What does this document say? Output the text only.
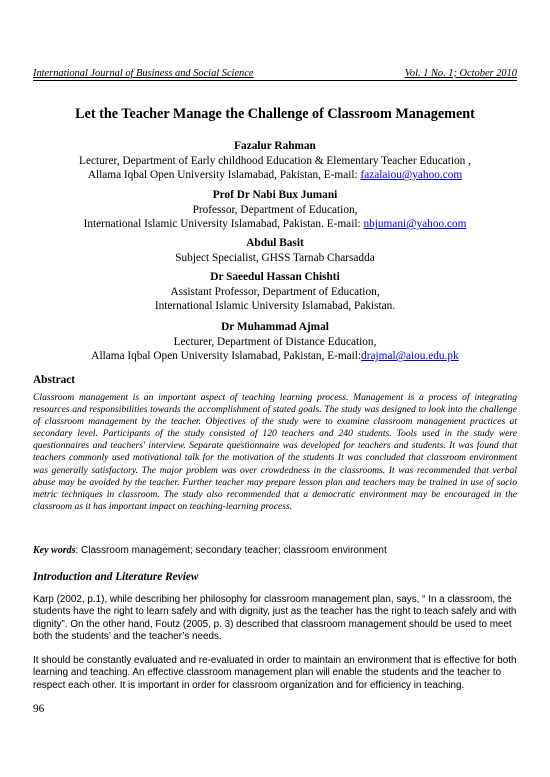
International Journal of Business and Social Science	Vol. 1 No. 1; October 2010
Let the Teacher Manage the Challenge of Classroom Management
Fazalur Rahman
Lecturer, Department of Early childhood Education & Elementary Teacher Education ,
Allama Iqbal Open University Islamabad, Pakistan, E-mail: fazalaiou@yahoo.com
Prof Dr Nabi Bux Jumani
Professor, Department of Education,
International Islamic University Islamabad, Pakistan. E-mail: nbjumani@yahoo.com
Abdul Basit
Subject Specialist, GHSS Tarnab Charsadda
Dr Saeedul Hassan Chishti
Assistant Professor, Department of Education,
International Islamic University Islamabad, Pakistan.
Dr Muhammad Ajmal
Lecturer, Department of Distance Education,
Allama Iqbal Open University Islamabad, Pakistan, E-mail:drajmal@aiou.edu.pk
Abstract
Classroom management is an important aspect of teaching learning process. Management is a process of integrating resources and responsibilities towards the accomplishment of stated goals. The study was designed to look into the challenge of classroom management by the teacher. Objectives of the study were to examine classroom management practices at secondary level. Participants of the study consisted of 120 teachers and 240 students. Tools used in the study were questionnaires and teachers' interview. Separate questionnaire was developed for teachers and students. It was found that teachers commonly used motivational talk for the motivation of the students It was concluded that classroom environment was generally satisfactory. The major problem was over crowdedness in the classrooms. It was recommended that verbal abuse may be avoided by the teacher. Further teacher may prepare lesson plan and teachers may be trained in use of socio metric techniques in classroom. The study also recommended that a democratic environment may be encouraged in the classroom as it has important impact on teaching-learning process.
Key words: Classroom management; secondary teacher; classroom environment
Introduction and Literature Review
Karp (2002, p.1), while describing her philosophy for classroom management plan, says, “ In a classroom, the students have the right to learn safely and with dignity, just as the teacher has the right to teach safely and with dignity”. On the other hand, Foutz (2005, p. 3) described that classroom management should be used to meet both the students’ and the teacher’s needs.
It should be constantly evaluated and re-evaluated in order to maintain an environment that is effective for both learning and teaching. An effective classroom management plan will enable the students and the teacher to respect each other. It is important in order for classroom organization and for efficiency in teaching.
96
